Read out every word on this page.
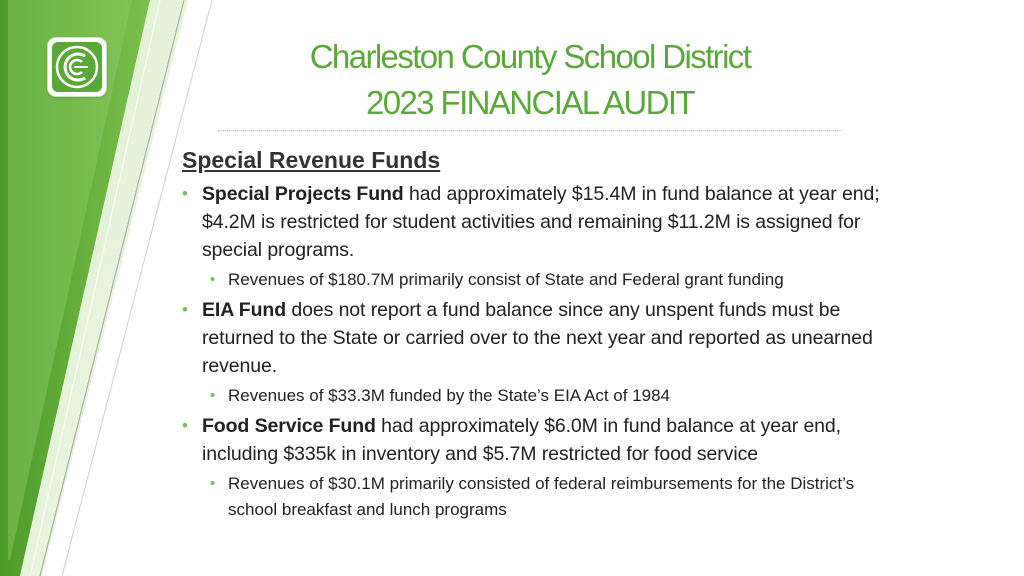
Charleston County School District
2023 FINANCIAL AUDIT
Special Revenue Funds
• Special Projects Fund had approximately $15.4M in fund balance at year end; $4.2M is restricted for student activities and remaining $11.2M is assigned for special programs.
• Revenues of $180.7M primarily consist of State and Federal grant funding
• EIA Fund does not report a fund balance since any unspent funds must be returned to the State or carried over to the next year and reported as unearned revenue.
• Revenues of $33.3M funded by the State’s EIA Act of 1984
• Food Service Fund had approximately $6.0M in fund balance at year end, including $335k in inventory and $5.7M restricted for food service
• Revenues of $30.1M primarily consisted of federal reimbursements for the District’s school breakfast and lunch programs
